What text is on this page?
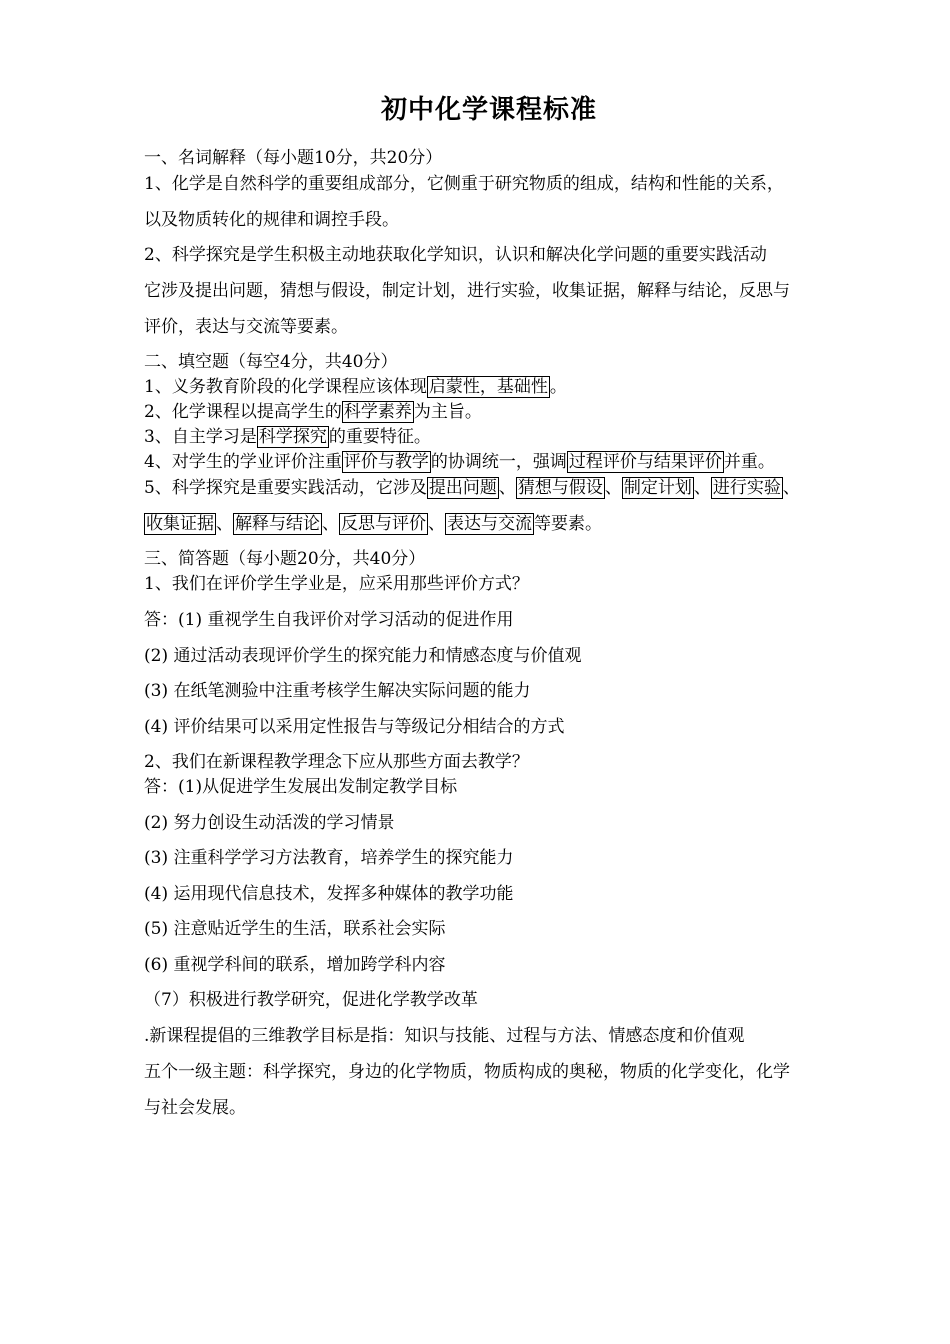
初中化学课程标准
一、名词解释（每小题10分，共20分）
1、化学是自然科学的重要组成部分，它侧重于研究物质的组成，结构和性能的关系，
以及物质转化的规律和调控手段。
2、科学探究是学生积极主动地获取化学知识，认识和解决化学问题的重要实践活动
它涉及提出问题，猜想与假设，制定计划，进行实验，收集证据，解释与结论，反思与
评价，表达与交流等要素。
二、填空题（每空4分，共40分）
1、义务教育阶段的化学课程应该体现 启蒙性，基础性 。
2、化学课程以提高学生的 科学素养 为主旨。
3、自主学习是 科学探究 的重要特征。
4、对学生的学业评价注重 评价与教学 的协调统一，强调 过程评价与结果评价 并重。
5、科学探究是重要实践活动，它涉及 提出问题 、 猜想与假设 、 制定计划 、 进行实验 、
收集证据 、 解释与结论 、 反思与评价 、 表达与交流 等要素。
三、简答题（每小题20分，共40分）
1、我们在评价学生学业是，应采用那些评价方式？
答：(1) 重视学生自我评价对学习活动的促进作用
(2) 通过活动表现评价学生的探究能力和情感态度与价值观
(3) 在纸笔测验中注重考核学生解决实际问题的能力
(4) 评价结果可以采用定性报告与等级记分相结合的方式
2、我们在新课程教学理念下应从那些方面去教学？
答：(1)从促进学生发展出发制定教学目标
(2) 努力创设生动活泼的学习情景
(3) 注重科学学习方法教育，培养学生的探究能力
(4) 运用现代信息技术，发挥多种媒体的教学功能
(5) 注意贴近学生的生活，联系社会实际
(6) 重视学科间的联系，增加跨学科内容
（7）积极进行教学研究，促进化学教学改革
.新课程提倡的三维教学目标是指：知识与技能、过程与方法、情感态度和价值观
五个一级主题：科学探究，身边的化学物质，物质构成的奥秘，物质的化学变化，化学
与社会发展。
